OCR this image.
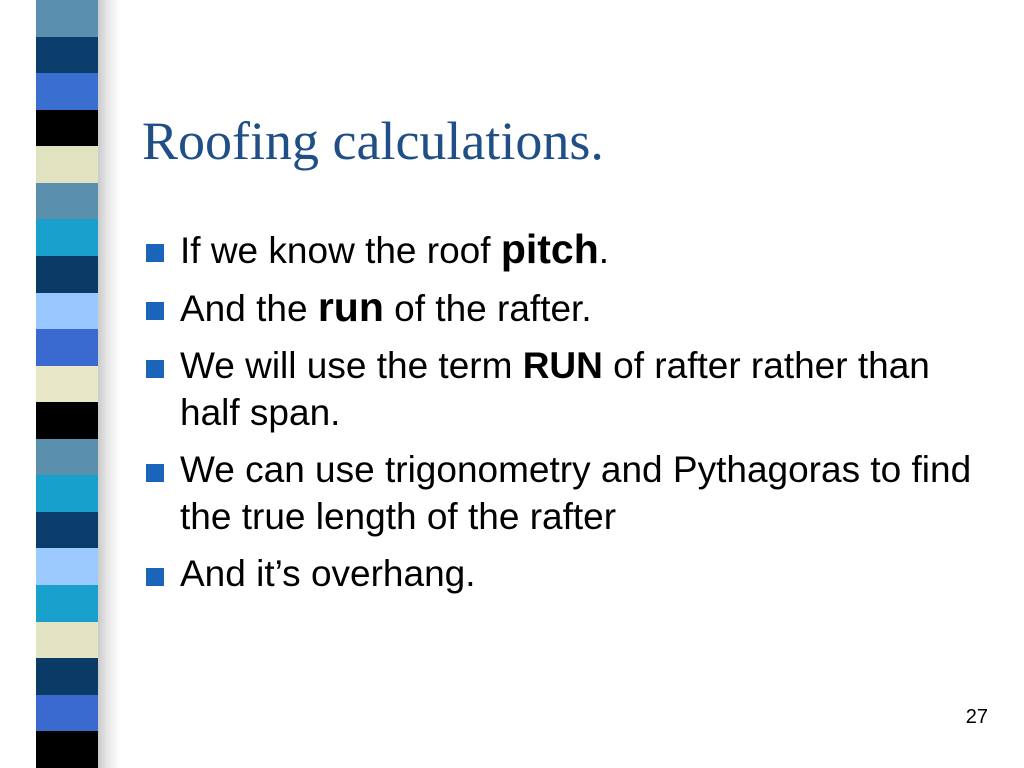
Roofing calculations.
If we know the roof pitch.
And the run of the rafter.
We will use the term RUN of rafter rather than half span.
We can use trigonometry and Pythagoras to find the true length of the rafter
And it’s overhang.
27
